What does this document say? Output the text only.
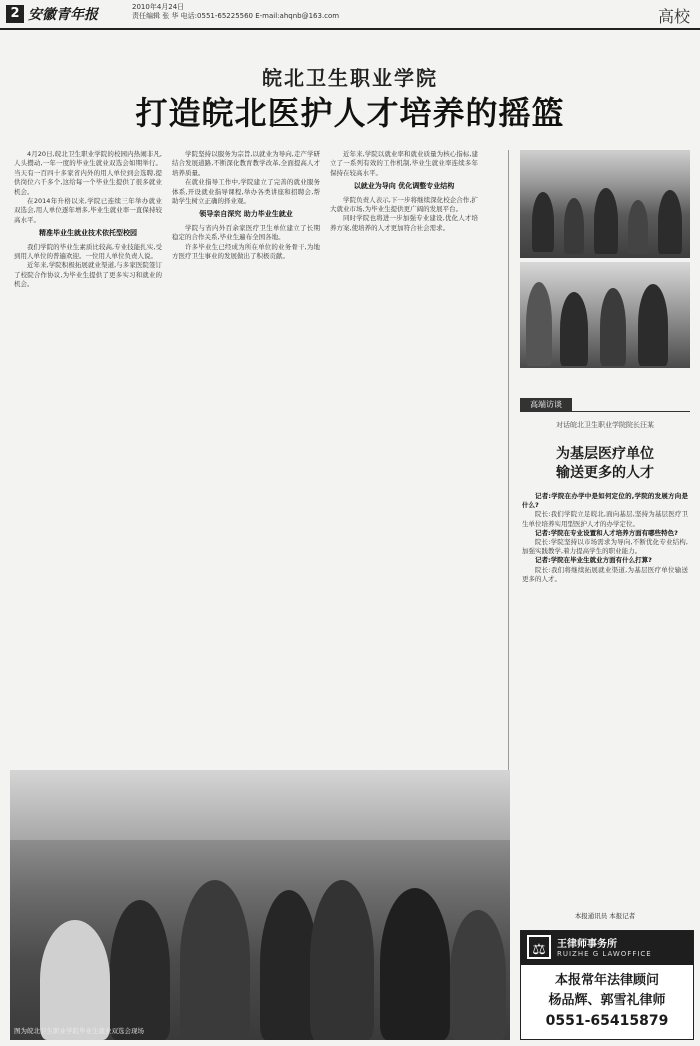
2 安徽青年报	2010年4月24日
责任编辑 张 华 电话:0551-65225560 E-mail:ahqnb@163.com	高校
皖北卫生职业学院
打造皖北医护人才培养的摇篮

4月20日,皖北卫生职业学院的校园内热闹非凡,人头攒动,一年一度的毕业生就业双选会如期举行。当天有一百四十多家省内外的用人单位到会选聘,提供岗位六千多个,这给每一个毕业生提供了很多就业机会。

在2014年升格以来,学院已连续三年举办就业双选会,用人单位逐年增多,毕业生就业率一直保持较高水平。

精准毕业生就业技术依托型校园

我们学院的毕业生素质比较高,专业技能扎实,受到用人单位的普遍欢迎。一位用人单位负责人说。

近年来,学院积极拓展就业渠道,与多家医院签订了校院合作协议,为毕业生提供了更多实习和就业的机会。

学院坚持以服务为宗旨,以就业为导向,走产学研结合发展道路,不断深化教育教学改革,全面提高人才培养质量。

在就业指导工作中,学院建立了完善的就业服务体系,开设就业指导课程,举办各类讲座和招聘会,帮助学生树立正确的择业观。

领导亲自深究 助力毕业生就业

学院与省内外百余家医疗卫生单位建立了长期稳定的合作关系,毕业生遍布全国各地。

许多毕业生已经成为所在单位的业务骨干,为地方医疗卫生事业的发展做出了积极贡献。

近年来,学院以就业率和就业质量为核心指标,建立了一系列有效的工作机制,毕业生就业率连续多年保持在较高水平。

以就业为导向 优化调整专业结构

学院负责人表示,下一步将继续深化校企合作,扩大就业市场,为毕业生提供更广阔的发展平台。

同时学院也将进一步加强专业建设,优化人才培养方案,使培养的人才更加符合社会需求。

高端访谈
对话皖北卫生职业学院院长汪某
为基层医疗单位
输送更多的人才

记者:学院在办学中是如何定位的,学院的发展方向是什么?

院长:我们学院立足皖北,面向基层,坚持为基层医疗卫生单位培养实用型医护人才的办学定位。

记者:学院在专业设置和人才培养方面有哪些特色?

院长:学院坚持以市场需求为导向,不断优化专业结构,加强实践教学,着力提高学生的职业能力。

记者:学院在毕业生就业方面有什么打算?

院长:我们将继续拓展就业渠道,为基层医疗单位输送更多的人才。

本报通讯员 本报记者
⚖	王律师事务所
RUIZHE G LAWOFFICE
本报常年法律顾问
杨品辉、郭雪礼律师
0551-65415879
图为皖北卫生职业学院毕业生就业双选会现场
